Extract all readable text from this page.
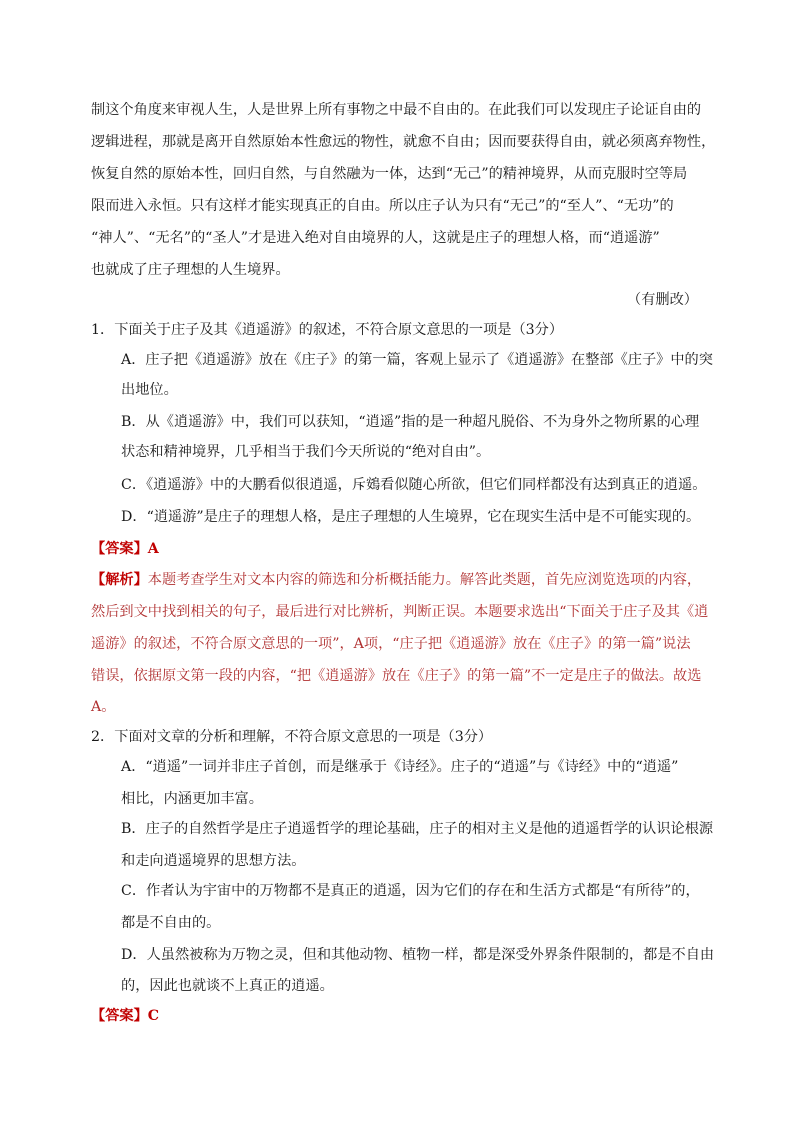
制这个角度来审视人生，人是世界上所有事物之中最不自由的。在此我们可以发现庄子论证自由的
逻辑进程，那就是离开自然原始本性愈远的物性，就愈不自由；因而要获得自由，就必须离弃物性，
恢复自然的原始本性，回归自然，与自然融为一体，达到“无己”的精神境界，从而克服时空等局
限而进入永恒。只有这样才能实现真正的自由。所以庄子认为只有“无己”的“至人”、“无功”的
“神人”、“无名”的“圣人”才是进入绝对自由境界的人，这就是庄子的理想人格，而“逍遥游”
也就成了庄子理想的人生境界。
（有删改）
1．下面关于庄子及其《逍遥游》的叙述，不符合原文意思的一项是（3分）
A．庄子把《逍遥游》放在《庄子》的第一篇，客观上显示了《逍遥游》在整部《庄子》中的突
出地位。
B．从《逍遥游》中，我们可以获知，“逍遥”指的是一种超凡脱俗、不为身外之物所累的心理
状态和精神境界，几乎相当于我们今天所说的“绝对自由”。
C．《逍遥游》中的大鹏看似很逍遥，斥鴳看似随心所欲，但它们同样都没有达到真正的逍遥。
D．“逍遥游”是庄子的理想人格，是庄子理想的人生境界，它在现实生活中是不可能实现的。
【答案】A
【解析】本题考查学生对文本内容的筛选和分析概括能力。解答此类题，首先应浏览选项的内容，
然后到文中找到相关的句子，最后进行对比辨析，判断正误。本题要求选出“下面关于庄子及其《逍
遥游》的叙述，不符合原文意思的一项”，A项，“庄子把《逍遥游》放在《庄子》的第一篇”说法
错误，依据原文第一段的内容，“把《逍遥游》放在《庄子》的第一篇”不一定是庄子的做法。故选
A。
2．下面对文章的分析和理解，不符合原文意思的一项是（3分）
A．“逍遥”一词并非庄子首创，而是继承于《诗经》。庄子的“逍遥”与《诗经》中的“逍遥”
相比，内涵更加丰富。
B．庄子的自然哲学是庄子逍遥哲学的理论基础，庄子的相对主义是他的逍遥哲学的认识论根源
和走向逍遥境界的思想方法。
C．作者认为宇宙中的万物都不是真正的逍遥，因为它们的存在和生活方式都是“有所待”的，
都是不自由的。
D．人虽然被称为万物之灵，但和其他动物、植物一样，都是深受外界条件限制的，都是不自由
的，因此也就谈不上真正的逍遥。
【答案】C
